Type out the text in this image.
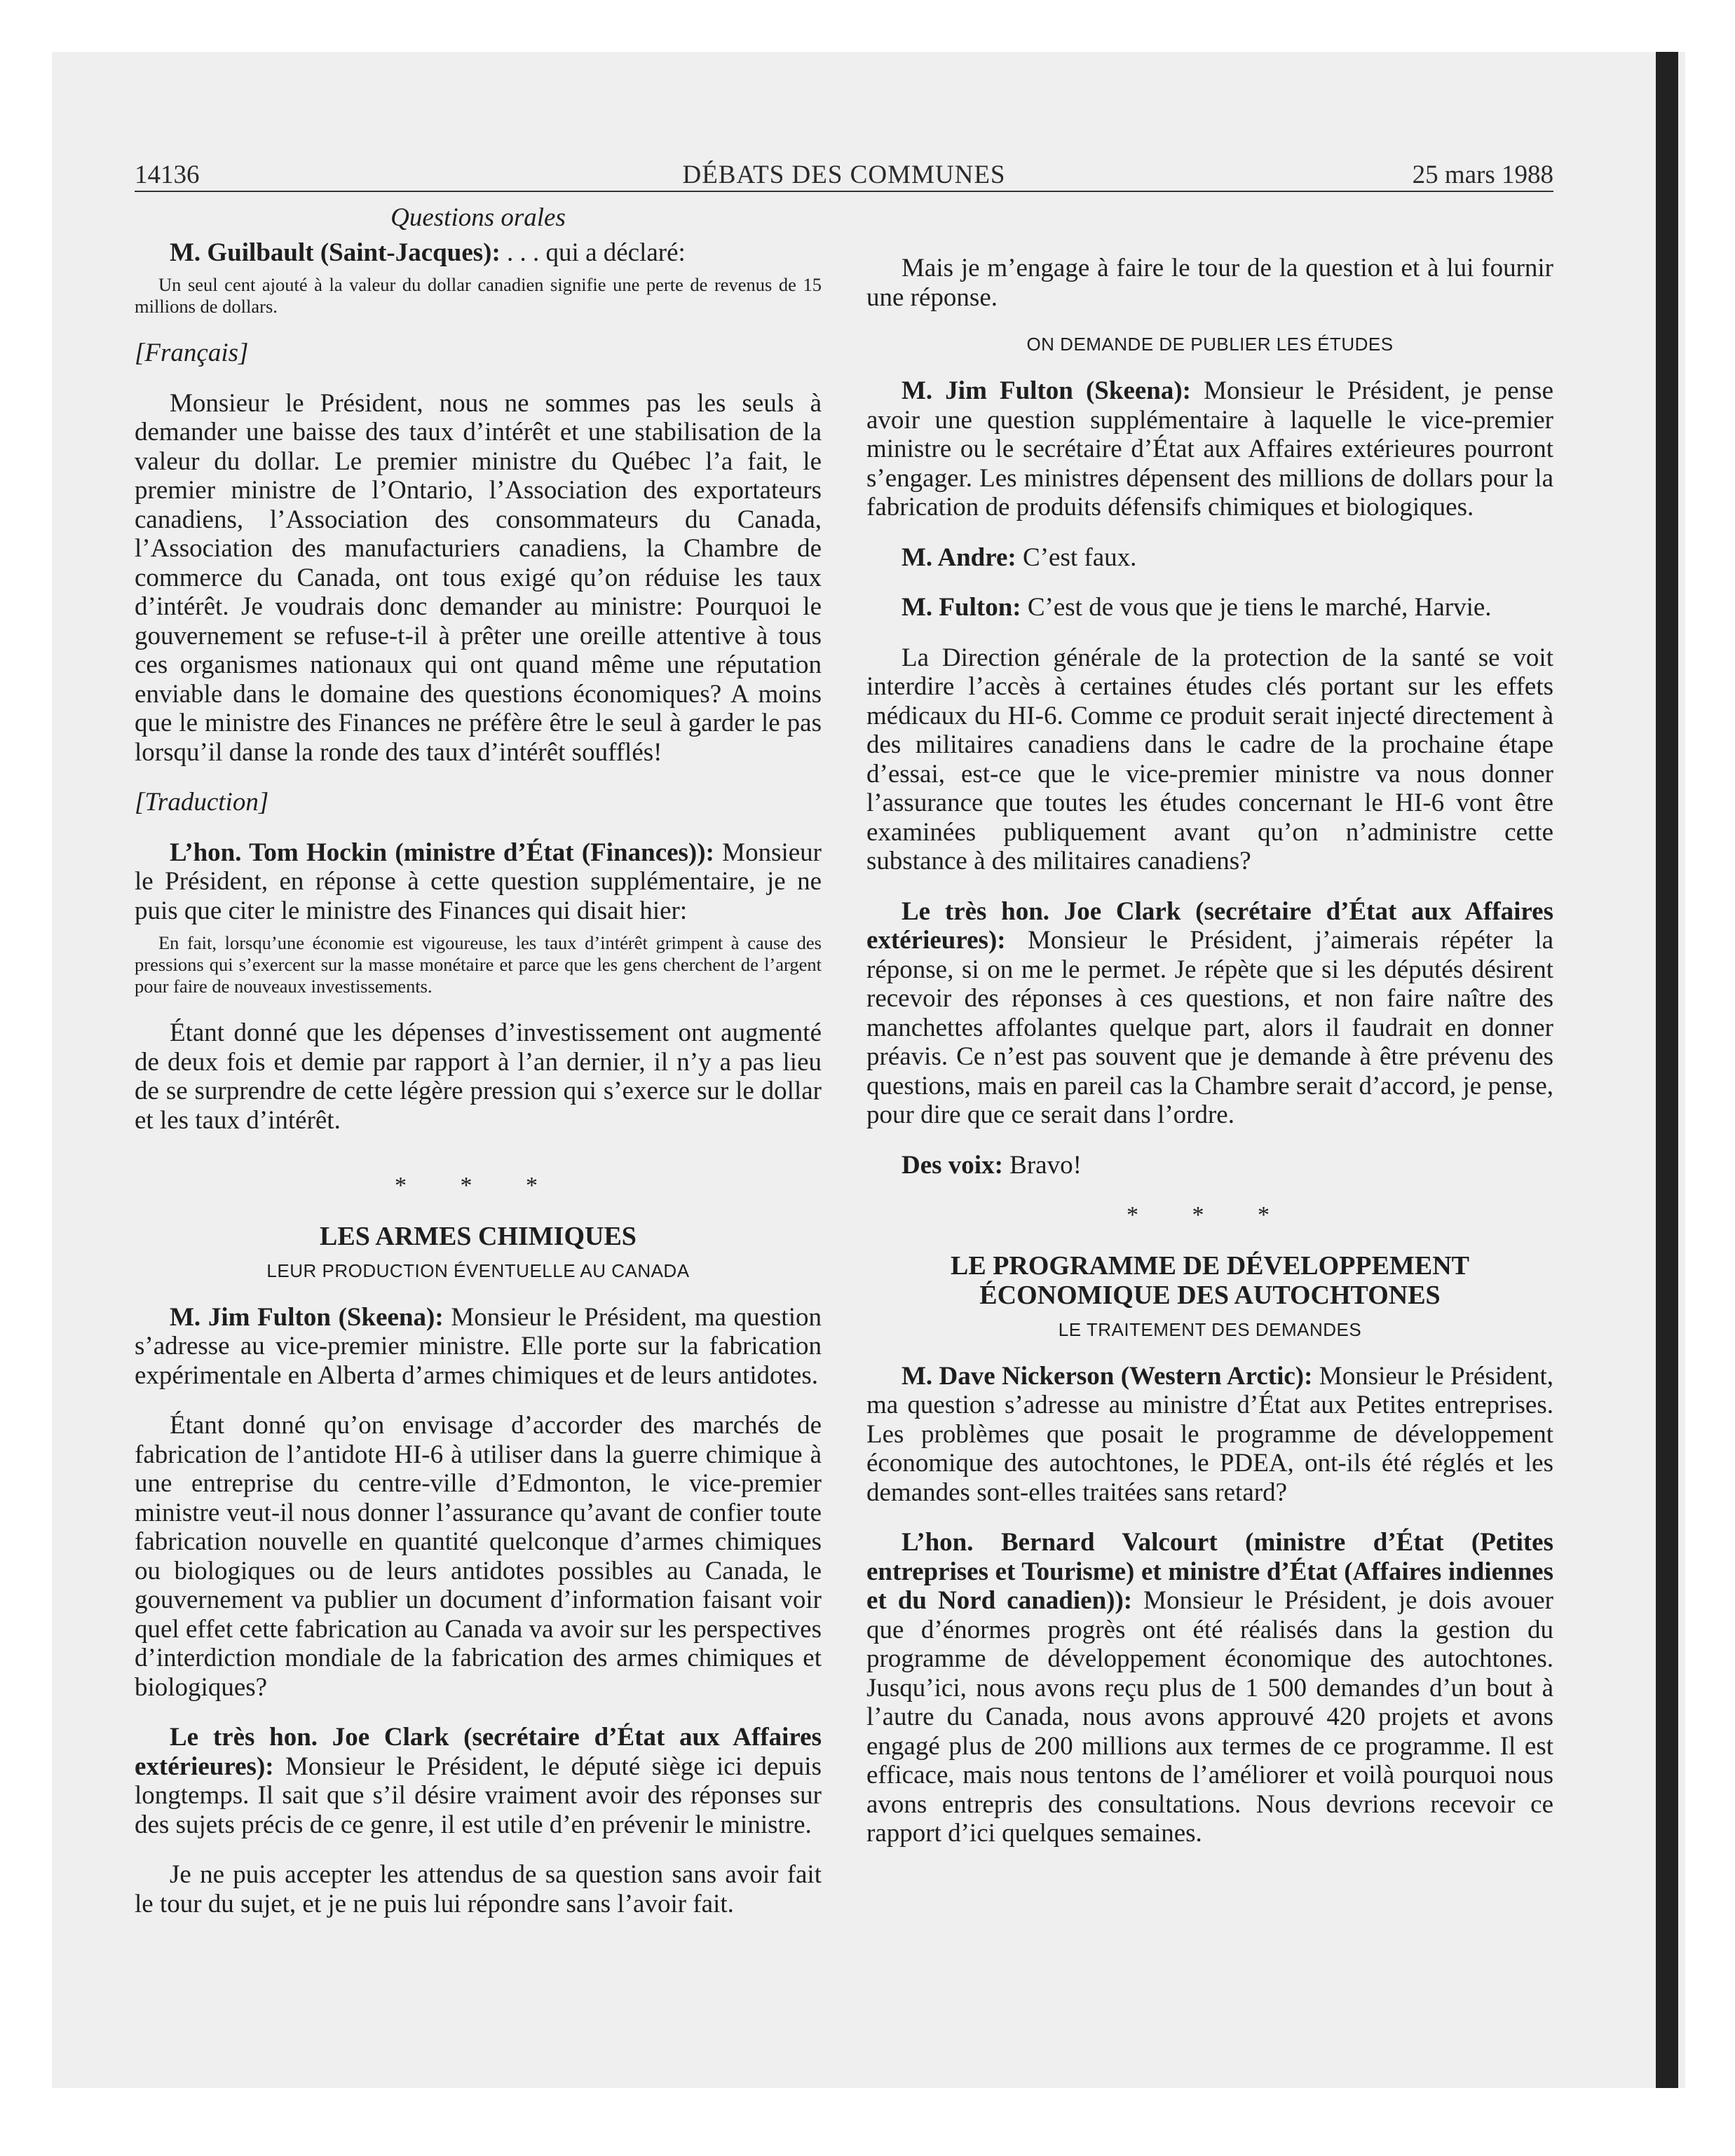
14136	DÉBATS DES COMMUNES	25 mars 1988

Questions orales

M. Guilbault (Saint-Jacques): . . . qui a déclaré:

Un seul cent ajouté à la valeur du dollar canadien signifie une perte de revenus de 15 millions de dollars.

[Français]

Monsieur le Président, nous ne sommes pas les seuls à demander une baisse des taux d’intérêt et une stabilisation de la valeur du dollar. Le premier ministre du Québec l’a fait, le premier ministre de l’Ontario, l’Association des exportateurs canadiens, l’Association des consommateurs du Canada, l’Association des manufacturiers canadiens, la Chambre de commerce du Canada, ont tous exigé qu’on réduise les taux d’intérêt. Je voudrais donc demander au ministre: Pourquoi le gouvernement se refuse-t-il à prêter une oreille attentive à tous ces organismes nationaux qui ont quand même une réputation enviable dans le domaine des questions économiques? A moins que le ministre des Finances ne préfère être le seul à garder le pas lorsqu’il danse la ronde des taux d’intérêt soufflés!

[Traduction]

L’hon. Tom Hockin (ministre d’État (Finances)): Monsieur le Président, en réponse à cette question supplémentaire, je ne puis que citer le ministre des Finances qui disait hier:

En fait, lorsqu’une économie est vigoureuse, les taux d’intérêt grimpent à cause des pressions qui s’exercent sur la masse monétaire et parce que les gens cherchent de l’argent pour faire de nouveaux investissements.

Étant donné que les dépenses d’investissement ont augmenté de deux fois et demie par rapport à l’an dernier, il n’y a pas lieu de se surprendre de cette légère pression qui s’exerce sur le dollar et les taux d’intérêt.

* * *

LES ARMES CHIMIQUES

LEUR PRODUCTION ÉVENTUELLE AU CANADA

M. Jim Fulton (Skeena): Monsieur le Président, ma question s’adresse au vice-premier ministre. Elle porte sur la fabrication expérimentale en Alberta d’armes chimiques et de leurs antidotes.

Étant donné qu’on envisage d’accorder des marchés de fabrication de l’antidote HI-6 à utiliser dans la guerre chimique à une entreprise du centre-ville d’Edmonton, le vice-premier ministre veut-il nous donner l’assurance qu’avant de confier toute fabrication nouvelle en quantité quelconque d’armes chimiques ou biologiques ou de leurs antidotes possibles au Canada, le gouvernement va publier un document d’information faisant voir quel effet cette fabrication au Canada va avoir sur les perspectives d’interdiction mondiale de la fabrication des armes chimiques et biologiques?

Le très hon. Joe Clark (secrétaire d’État aux Affaires extérieures): Monsieur le Président, le député siège ici depuis longtemps. Il sait que s’il désire vraiment avoir des réponses sur des sujets précis de ce genre, il est utile d’en prévenir le ministre.

Je ne puis accepter les attendus de sa question sans avoir fait le tour du sujet, et je ne puis lui répondre sans l’avoir fait.

Mais je m’engage à faire le tour de la question et à lui fournir une réponse.

ON DEMANDE DE PUBLIER LES ÉTUDES

M. Jim Fulton (Skeena): Monsieur le Président, je pense avoir une question supplémentaire à laquelle le vice-premier ministre ou le secrétaire d’État aux Affaires extérieures pourront s’engager. Les ministres dépensent des millions de dollars pour la fabrication de produits défensifs chimiques et biologiques.

M. Andre: C’est faux.

M. Fulton: C’est de vous que je tiens le marché, Harvie.

La Direction générale de la protection de la santé se voit interdire l’accès à certaines études clés portant sur les effets médicaux du HI-6. Comme ce produit serait injecté directement à des militaires canadiens dans le cadre de la prochaine étape d’essai, est-ce que le vice-premier ministre va nous donner l’assurance que toutes les études concernant le HI-6 vont être examinées publiquement avant qu’on n’administre cette substance à des militaires canadiens?

Le très hon. Joe Clark (secrétaire d’État aux Affaires extérieures): Monsieur le Président, j’aimerais répéter la réponse, si on me le permet. Je répète que si les députés désirent recevoir des réponses à ces questions, et non faire naître des manchettes affolantes quelque part, alors il faudrait en donner préavis. Ce n’est pas souvent que je demande à être prévenu des questions, mais en pareil cas la Chambre serait d’accord, je pense, pour dire que ce serait dans l’ordre.

Des voix: Bravo!

* * *

LE PROGRAMME DE DÉVELOPPEMENT

ÉCONOMIQUE DES AUTOCHTONES

LE TRAITEMENT DES DEMANDES

M. Dave Nickerson (Western Arctic): Monsieur le Président, ma question s’adresse au ministre d’État aux Petites entreprises. Les problèmes que posait le programme de développement économique des autochtones, le PDEA, ont-ils été réglés et les demandes sont-elles traitées sans retard?

L’hon. Bernard Valcourt (ministre d’État (Petites entreprises et Tourisme) et ministre d’État (Affaires indiennes et du Nord canadien)): Monsieur le Président, je dois avouer que d’énormes progrès ont été réalisés dans la gestion du programme de développement économique des autochtones. Jusqu’ici, nous avons reçu plus de 1 500 demandes d’un bout à l’autre du Canada, nous avons approuvé 420 projets et avons engagé plus de 200 millions aux termes de ce programme. Il est efficace, mais nous tentons de l’améliorer et voilà pourquoi nous avons entrepris des consultations. Nous devrions recevoir ce rapport d’ici quelques semaines.
